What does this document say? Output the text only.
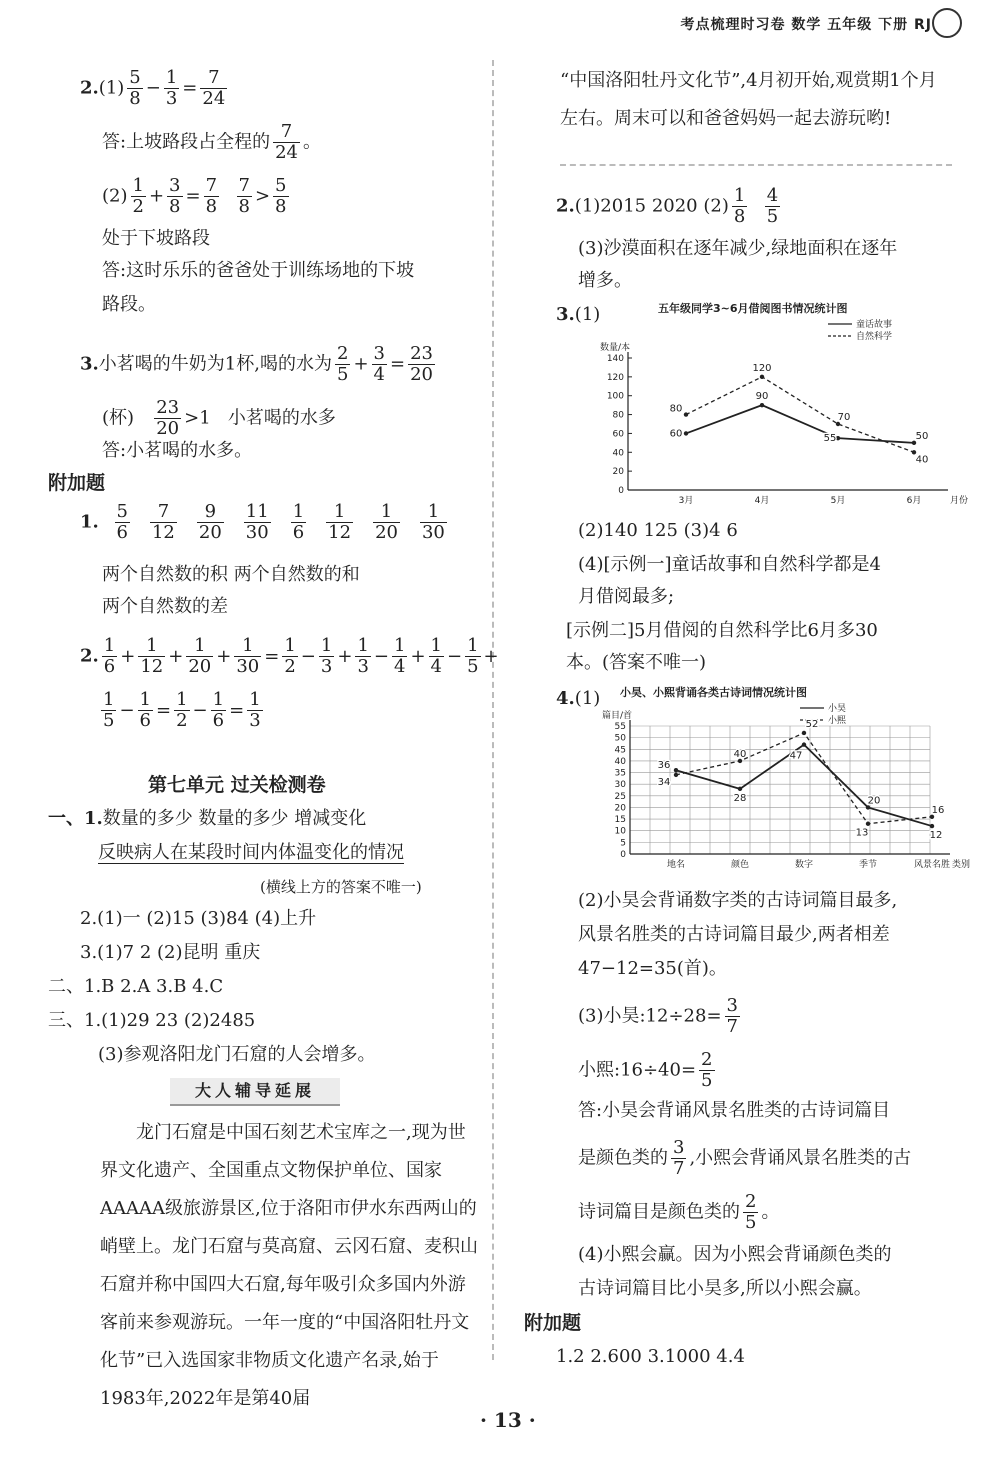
考点梳理时习卷 数学 五年级 下册 RJ
$2.(1) \frac{5}{8} - \frac{1}{3} = \frac{7}{24}$
答:上坡路段占全程的 $\frac{7}{24}$ 。
$(2) \frac{1}{2} + \frac{3}{8} = \frac{7}{8}$
$\frac{7}{8} > \frac{5}{8}$
处于下坡路段
答:这时乐乐的爸爸处于训练场地的下坡
路段。
3.小茗喝的牛奶为1杯,喝的水为 $\frac{2}{5} + \frac{3}{4} = \frac{23}{20}$
(杯) $\frac{23}{20} >1$ 小茗喝的水多
答:小茗喝的水多。
附加题
1. $\frac{5}{6} \frac{7}{12} \frac{9}{20} \frac{11}{30} \frac{1}{6} \frac{1}{12} \frac{1}{20} \frac{1}{30}$
两个自然数的积 两个自然数的和
两个自然数的差
2. $\frac{1}{6} + \frac{1}{12} + \frac{1}{20} + \frac{1}{30} = \frac{1}{2} - \frac{1}{3} + \frac{1}{3} - \frac{1}{4} + \frac{1}{4} - \frac{1}{5}$ +
$\frac{1}{5} - \frac{1}{6} = \frac{1}{2} - \frac{1}{6} = \frac{1}{3}$
第七单元 过关检测卷
一、1.数量的多少 数量的多少 增减变化
反映病人在某段时间内体温变化的情况
(横线上方的答案不唯一)
2.(1)一 (2)15 (3)84 (4)上升
3.(1)7 2 (2)昆明 重庆
二、1.B 2.A 3.B 4.C
三、1.(1)29 23 (2)2485
(3)参观洛阳龙门石窟的人会增多。
大人辅导延展
龙门石窟是中国石刻艺术宝库之一,现为世界文化遗产、全国重点文物保护单位、国家AAAAA级旅游景区,位于洛阳市伊水东西两山的峭壁上。龙门石窟与莫高窟、云冈石窟、麦积山石窟并称中国四大石窟,每年吸引众多国内外游客前来参观游玩。一年一度的“中国洛阳牡丹文化节”已入选国家非物质文化遗产名录,始于1983年,2022年是第40届
“中国洛阳牡丹文化节”,4月初开始,观赏期1个月左右。周末可以和爸爸妈妈一起去游玩哟!
2.(1)2015 2020 $(2) \frac{1}{8}$
$\frac{4}{5}$
(3)沙漠面积在逐年减少,绿地面积在逐年
增多。
3.(1)	五年级同学3~6月借阅图书情况统计图
数量/本
0
20
40
60
80
100
120
140
3月	4月	5月	6月	月份
童话故事
自然科学
60
90
55	50
80
120
70
40
(2)140 125 (3)4 6
(4)[示例一]童话故事和自然科学都是4
月借阅最多;
[示例二]5月借阅的自然科学比6月多30
本。(答案不唯一)
4.(1) 小昊、小熙背诵各类古诗词情况统计图
篇目/首
0
5
10
15
20
25
30
35
40
45
50
55
地名	颜色	数字	季节	风景名胜 类别
小昊
小熙
36
28
47
20
12
34
40
52
13
16
(2)小昊会背诵数字类的古诗词篇目最多,
风景名胜类的古诗词篇目最少,两者相差
47−12=35(首)。
(3)小昊:12÷28= $\frac{3}{7}$
小熙:16÷40= $\frac{2}{5}$
答:小昊会背诵风景名胜类的古诗词篇目
是颜色类的 $\frac{3}{7}$ ,小熙会背诵风景名胜类的古
诗词篇目是颜色类的 $\frac{2}{5}$ 。
(4)小熙会赢。因为小熙会背诵颜色类的
古诗词篇目比小昊多,所以小熙会赢。
附加题
1.2 2.600 3.1000 4.4
· 13 ·
